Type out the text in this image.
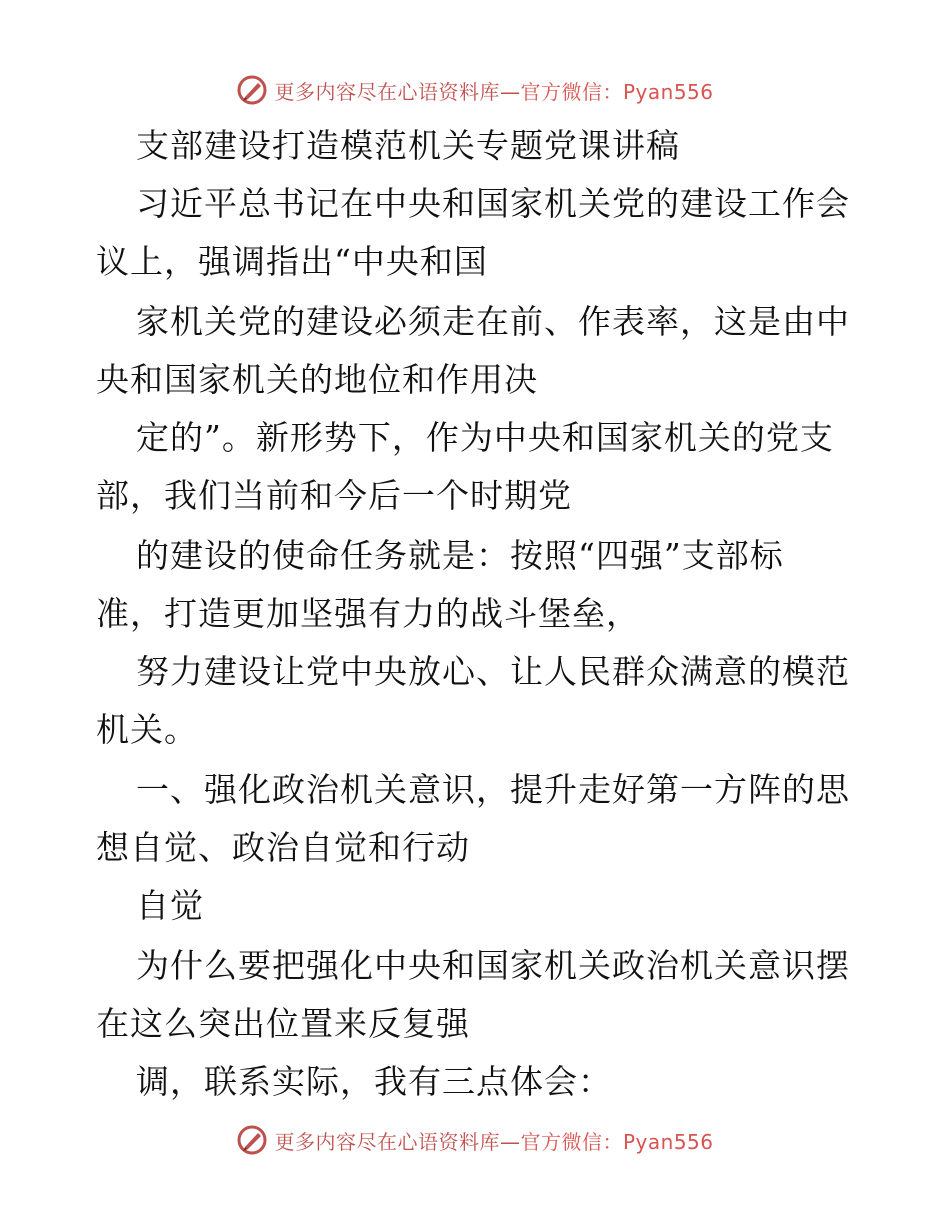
更多内容尽在心语资料库—官方微信：Pyan556
支部建设打造模范机关专题党课讲稿
习近平总书记在中央和国家机关党的建设工作会
议上，强调指出“中央和国
家机关党的建设必须走在前、作表率，这是由中
央和国家机关的地位和作用决
定的”。新形势下，作为中央和国家机关的党支
部，我们当前和今后一个时期党
的建设的使命任务就是：按照“四强”支部标
准，打造更加坚强有力的战斗堡垒，
努力建设让党中央放心、让人民群众满意的模范
机关。
一、强化政治机关意识，提升走好第一方阵的思
想自觉、政治自觉和行动
自觉
为什么要把强化中央和国家机关政治机关意识摆
在这么突出位置来反复强
调，联系实际，我有三点体会：
更多内容尽在心语资料库—官方微信：Pyan556
